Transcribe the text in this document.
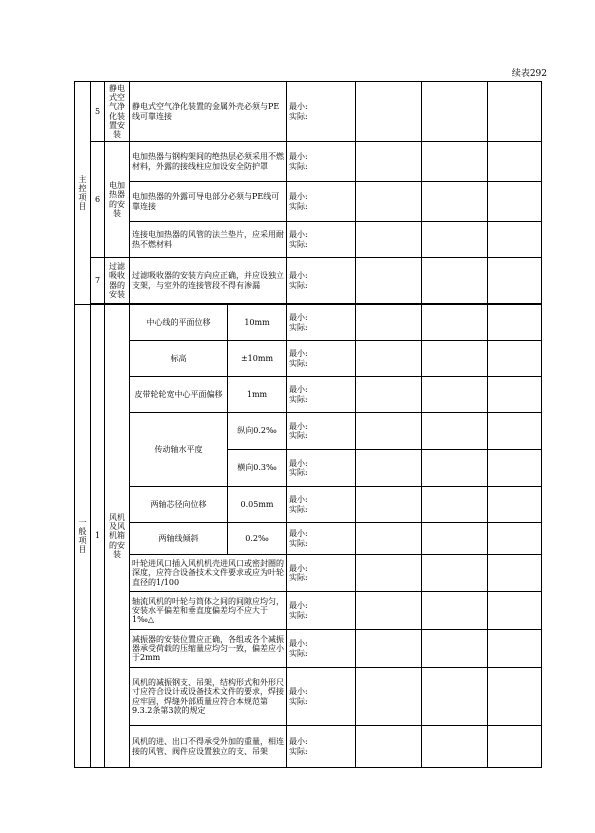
续表292
主控项目	5	静电式空气净化装置安装	静电式空气净化装置的金属外壳必须与PE线可靠连接		最小:
实际:			

	6	电加热器的安装	电加热器与钢构架间的绝热层必须采用不燃材料，外露的接线柱应加设安全防护罩		最小:
实际:			

			电加热器的外露可导电部分必须与PE线可靠连接		最小:
实际:			

			连接电加热器的风管的法兰垫片，应采用耐热不燃材料		最小:
实际:			

	7	过滤吸收器的安装	过滤吸收器的安装方向应正确，并应设独立支架，与室外的连接管段不得有渗漏		最小:
实际:			

一般项目	1	风机及风机箱的安装	中心线的平面位移	10mm	最小:
实际:			

			标高	±10mm	最小:
实际:			

			皮带轮轮宽中心平面偏移	1mm	最小:
实际:			

			传动轴水平度	纵向0.2‰	最小:
实际:			

				横向0.3‰	最小:
实际:			

			两轴芯径向位移	0.05mm	最小:
实际:			

			两轴线倾斜	0.2‰	最小:
实际:			

			叶轮进风口插入风机机壳进风口或密封圈的深度，应符合设备技术文件要求或应为叶轮直径的1/100		最小:
实际:			

			轴流风机的叶轮与筒体之间的间隙应均匀，安装水平偏差和垂直度偏差均不应大于1‰△		最小:
实际:			

			减振器的安装位置应正确，各组或各个减振器承受荷载的压缩量应均匀一致，偏差应小于2mm		最小:
实际:			

			风机的减振钢支、吊架，结构形式和外形尺寸应符合设计或设备技术文件的要求，焊接应牢固，焊缝外部质量应符合本规范第9.3.2条第3款的规定		最小:
实际:			

			风机的进、出口不得承受外加的重量，相连接的风管、阀件应设置独立的支、吊架		最小:
实际:			
